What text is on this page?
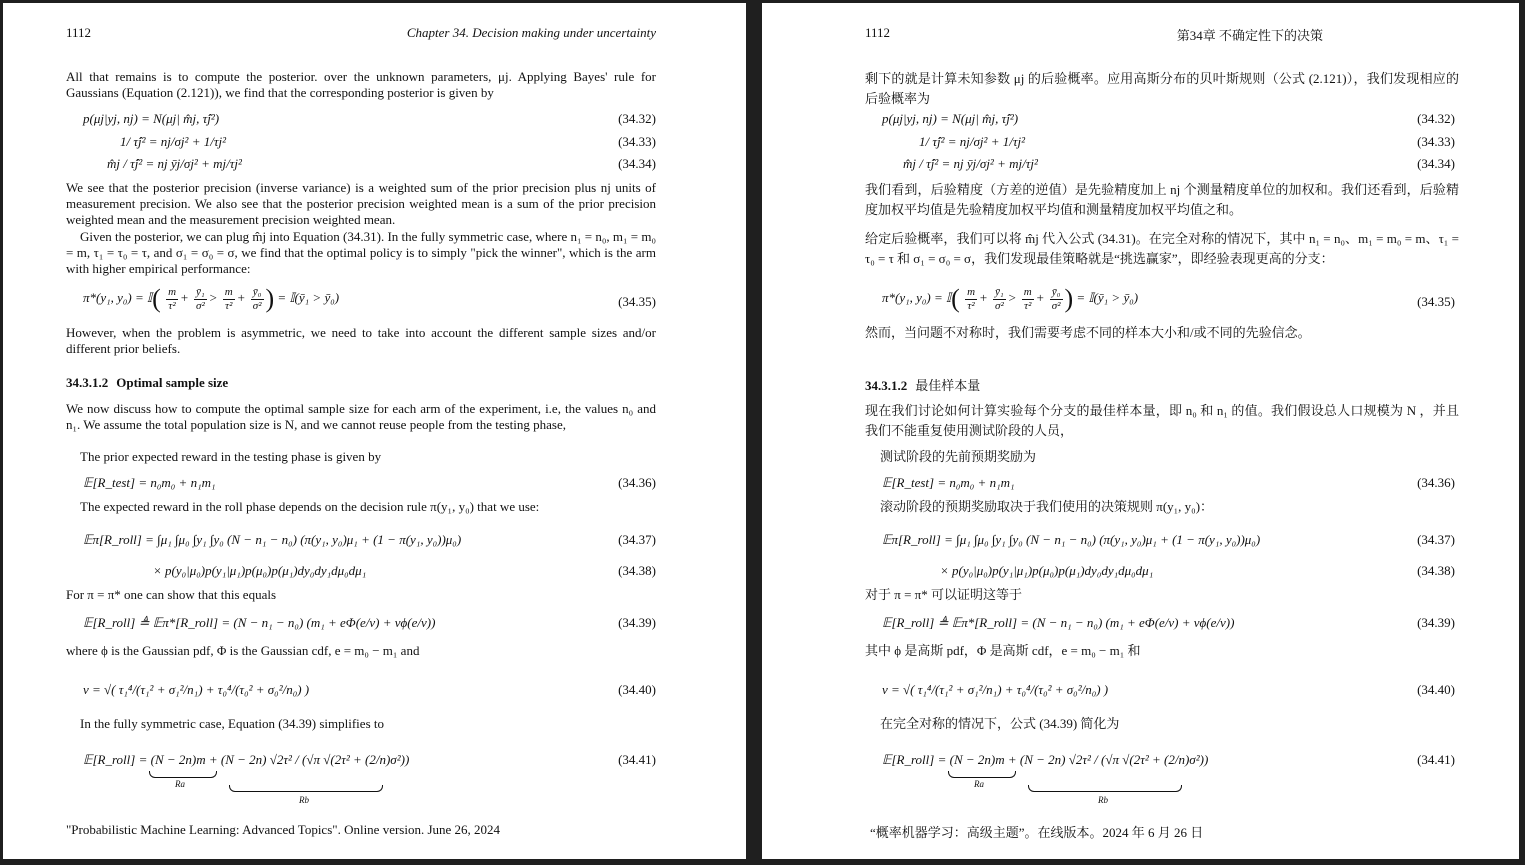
1112	Chapter 34. Decision making under uncertainty
All that remains is to compute the posterior. over the unknown parameters, μj. Applying Bayes' rule for Gaussians (Equation (2.121)), we find that the corresponding posterior is given by
p(μj|yj, nj) = N(μj| m̂j, τ̂j²)	(34.32)
1/ τ̂j² = nj/σj² + 1/τj²	(34.33)
m̂j / τ̂j² = nj ȳj/σj² + mj/τj²	(34.34)
We see that the posterior precision (inverse variance) is a weighted sum of the prior precision plus nj units of measurement precision. We also see that the posterior precision weighted mean is a sum of the prior precision weighted mean and the measurement precision weighted mean.
Given the posterior, we can plug m̂j into Equation (34.31). In the fully symmetric case, where n₁ = n₀, m₁ = m₀ = m, τ₁ = τ₀ = τ, and σ₁ = σ₀ = σ, we find that the optimal policy is to simply "pick the winner", which is the arm with higher empirical performance:
π*(y₁, y₀) = 𝕀( $\frac{m}{\text{τ²}} + \frac{\text{ȳ₁}}{\text{σ²}} > \frac{m}{\text{τ²}} + \frac{\text{ȳ₀}}{\text{σ²}}$ ) = 𝕀(ȳ₁ > ȳ₀)	(34.35)
However, when the problem is asymmetric, we need to take into account the different sample sizes and/or different prior beliefs.
34.3.1.2 Optimal sample size
We now discuss how to compute the optimal sample size for each arm of the experiment, i.e, the values n₀ and n₁. We assume the total population size is N, and we cannot reuse people from the testing phase,
The prior expected reward in the testing phase is given by
𝔼[R_test] = n₀m₀ + n₁m₁	(34.36)
The expected reward in the roll phase depends on the decision rule π(y₁, y₀) that we use:
𝔼π[R_roll] = ∫μ₁ ∫μ₀ ∫y₁ ∫y₀ (N − n₁ − n₀) (π(y₁, y₀)μ₁ + (1 − π(y₁, y₀))μ₀)	(34.37)
× p(y₀|μ₀)p(y₁|μ₁)p(μ₀)p(μ₁)dy₀dy₁dμ₀dμ₁	(34.38)
For π = π* one can show that this equals
𝔼[R_roll] ≜ 𝔼π*[R_roll] = (N − n₁ − n₀) (m₁ + eΦ(e/v) + vϕ(e/v))	(34.39)
where ϕ is the Gaussian pdf, Φ is the Gaussian cdf, e = m₀ − m₁ and
v = √( τ₁⁴/(τ₁² + σ₁²/n₁) + τ₀⁴/(τ₀² + σ₀²/n₀) )	(34.40)
In the fully symmetric case, Equation (34.39) simplifies to
𝔼[R_roll] = (N − 2n)m + (N − 2n) √2τ² / (√π √(2τ² + (2/n)σ²))	(34.41)
Ra
Rb
"Probabilistic Machine Learning: Advanced Topics". Online version. June 26, 2024
1112	第34章 不确定性下的决策
剩下的就是计算未知参数 μj 的后验概率。应用高斯分布的贝叶斯规则（公式 (2.121)），我们发现相应的后验概率为
p(μj|yj, nj) = N(μj| m̂j, τ̂j²)	(34.32)
1/ τ̂j² = nj/σj² + 1/τj²	(34.33)
m̂j / τ̂j² = nj ȳj/σj² + mj/τj²	(34.34)
我们看到，后验精度（方差的逆值）是先验精度加上 nj 个测量精度单位的加权和。我们还看到，后验精度加权平均值是先验精度加权平均值和测量精度加权平均值之和。
给定后验概率，我们可以将 m̂j 代入公式 (34.31)。在完全对称的情况下，其中 n₁ = n₀、m₁ = m₀ = m、τ₁ = τ₀ = τ 和 σ₁ = σ₀ = σ，我们发现最佳策略就是“挑选赢家”，即经验表现更高的分支：
π*(y₁, y₀) = 𝕀( $\frac{m}{\text{τ²}} + \frac{\text{ȳ₁}}{\text{σ²}} > \frac{m}{\text{τ²}} + \frac{\text{ȳ₀}}{\text{σ²}}$ ) = 𝕀(ȳ₁ > ȳ₀)	(34.35)
然而，当问题不对称时，我们需要考虑不同的样本大小和/或不同的先验信念。
34.3.1.2 最佳样本量
现在我们讨论如何计算实验每个分支的最佳样本量，即 n₀ 和 n₁ 的值。我们假设总人口规模为 N ，并且我们不能重复使用测试阶段的人员，
测试阶段的先前预期奖励为
𝔼[R_test] = n₀m₀ + n₁m₁	(34.36)
滚动阶段的预期奖励取决于我们使用的决策规则 π(y₁, y₀)：
𝔼π[R_roll] = ∫μ₁ ∫μ₀ ∫y₁ ∫y₀ (N − n₁ − n₀) (π(y₁, y₀)μ₁ + (1 − π(y₁, y₀))μ₀)	(34.37)
× p(y₀|μ₀)p(y₁|μ₁)p(μ₀)p(μ₁)dy₀dy₁dμ₀dμ₁	(34.38)
对于 π = π* 可以证明这等于
𝔼[R_roll] ≜ 𝔼π*[R_roll] = (N − n₁ − n₀) (m₁ + eΦ(e/v) + vϕ(e/v))	(34.39)
其中 ϕ 是高斯 pdf，Φ 是高斯 cdf，e = m₀ − m₁ 和
v = √( τ₁⁴/(τ₁² + σ₁²/n₁) + τ₀⁴/(τ₀² + σ₀²/n₀) )	(34.40)
在完全对称的情况下，公式 (34.39) 简化为
𝔼[R_roll] = (N − 2n)m + (N − 2n) √2τ² / (√π √(2τ² + (2/n)σ²))	(34.41)
Ra
Rb
“概率机器学习：高级主题”。在线版本。2024 年 6 月 26 日
